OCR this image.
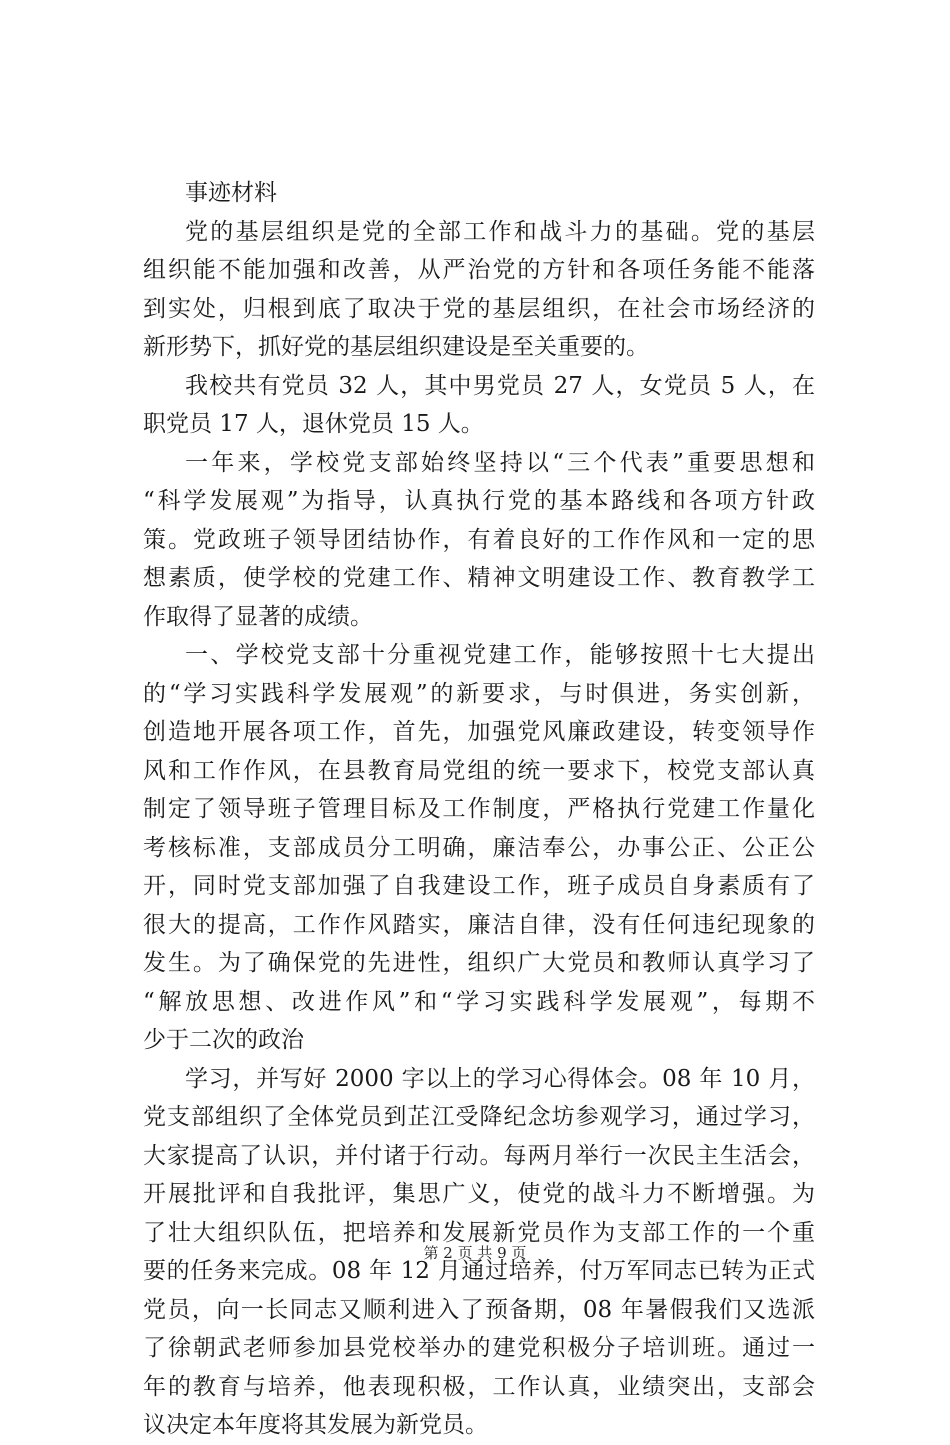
事迹材料
党的基层组织是党的全部工作和战斗力的基础。党的基层
组织能不能加强和改善，从严治党的方针和各项任务能不能落
到实处，归根到底了取决于党的基层组织，在社会市场经济的
新形势下，抓好党的基层组织建设是至关重要的。
我校共有党员 32 人，其中男党员 27 人，女党员 5 人，在
职党员 17 人，退休党员 15 人。
一年来，学校党支部始终坚持以“三个代表”重要思想和
“科学发展观”为指导，认真执行党的基本路线和各项方针政
策。党政班子领导团结协作，有着良好的工作作风和一定的思
想素质，使学校的党建工作、精神文明建设工作、教育教学工
作取得了显著的成绩。
一、学校党支部十分重视党建工作，能够按照十七大提出
的“学习实践科学发展观”的新要求，与时俱进，务实创新，
创造地开展各项工作，首先，加强党风廉政建设，转变领导作
风和工作作风，在县教育局党组的统一要求下，校党支部认真
制定了领导班子管理目标及工作制度，严格执行党建工作量化
考核标准，支部成员分工明确，廉洁奉公，办事公正、公正公
开，同时党支部加强了自我建设工作，班子成员自身素质有了
很大的提高，工作作风踏实，廉洁自律，没有任何违纪现象的
发生。为了确保党的先进性，组织广大党员和教师认真学习了
“解放思想、改进作风”和“学习实践科学发展观”，每期不
少于二次的政治
学习，并写好 2000 字以上的学习心得体会。08 年 10 月，
党支部组织了全体党员到芷江受降纪念坊参观学习，通过学习，
大家提高了认识，并付诸于行动。每两月举行一次民主生活会，
开展批评和自我批评，集思广义，使党的战斗力不断增强。为
了壮大组织队伍，把培养和发展新党员作为支部工作的一个重
要的任务来完成。08 年 12 月通过培养，付万军同志已转为正式
党员，向一长同志又顺利进入了预备期，08 年暑假我们又选派
了徐朝武老师参加县党校举办的建党积极分子培训班。通过一
年的教育与培养，他表现积极，工作认真，业绩突出，支部会
议决定本年度将其发展为新党员。
第 2 页 共 9 页
